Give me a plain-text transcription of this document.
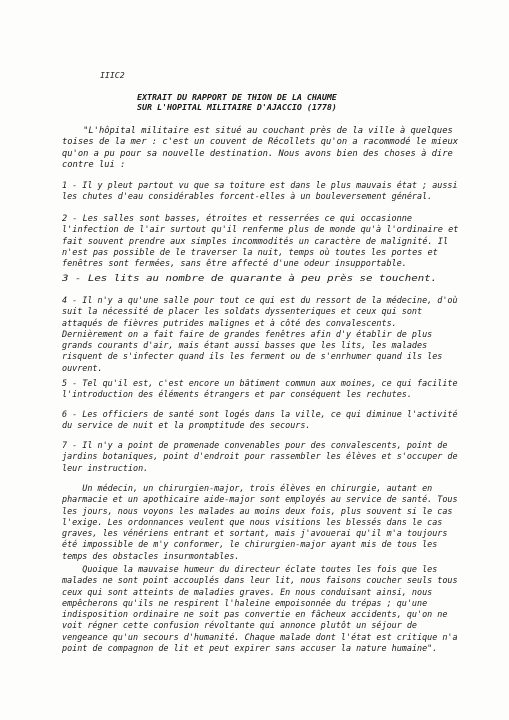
IIIC2
EXTRAIT DU RAPPORT DE THION DE LA CHAUME
SUR L'HOPITAL MILITAIRE D'AJACCIO (1778)
"L'hôpital militaire est situé au couchant près de la ville à quelques
toises de la mer : c'est un couvent de Récollets qu'on a racommodé le mieux
qu'on a pu pour sa nouvelle destination. Nous avons bien des choses à dire
contre lui :
1 - Il y pleut partout vu que sa toiture est dans le plus mauvais état ; aussi
les chutes d'eau considérables forcent-elles à un bouleversement général.
2 - Les salles sont basses, étroites et resserrées ce qui occasionne
l'infection de l'air surtout qu'il renferme plus de monde qu'à l'ordinaire et
fait souvent prendre aux simples incommodités un caractère de malignité. Il
n'est pas possible de le traverser la nuit, temps où toutes les portes et
fenêtres sont fermées, sans être affecté d'une odeur insupportable.
3 - Les lits au nombre de quarante à peu près se touchent.
4 - Il n'y a qu'une salle pour tout ce qui est du ressort de la médecine, d'où
suit la nécessité de placer les soldats dyssenteriques et ceux qui sont
attaqués de fièvres putrides malignes et à côté des convalescents.
Dernièrement on a fait faire de grandes fenêtres afin d'y établir de plus
grands courants d'air, mais étant aussi basses que les lits, les malades
risquent de s'infecter quand ils les ferment ou de s'enrhumer quand ils les
ouvrent.
5 - Tel qu'il est, c'est encore un bâtiment commun aux moines, ce qui facilite
l'introduction des éléments étrangers et par conséquent les rechutes.
6 - Les officiers de santé sont logés dans la ville, ce qui diminue l'activité
du service de nuit et la promptitude des secours.
7 - Il n'y a point de promenade convenables pour des convalescents, point de
jardins botaniques, point d'endroit pour rassembler les élèves et s'occuper de
leur instruction.
Un médecin, un chirurgien-major, trois élèves en chirurgie, autant en
pharmacie et un apothicaire aide-major sont employés au service de santé. Tous
les jours, nous voyons les malades au moins deux fois, plus souvent si le cas
l'exige. Les ordonnances veulent que nous visitions les blessés dans le cas
graves, les vénériens entrant et sortant, mais j'avouerai qu'il m'a toujours
été impossible de m'y conformer, le chirurgien-major ayant mis de tous les
temps des obstacles insurmontables.
Quoique la mauvaise humeur du directeur éclate toutes les fois que les
malades ne sont point accouplés dans leur lit, nous faisons coucher seuls tous
ceux qui sont atteints de maladies graves. En nous conduisant ainsi, nous
empêcherons qu'ils ne respirent l'haleine empoisonnée du trépas ; qu'une
indisposition ordinaire ne soit pas convertie en fâcheux accidents, qu'on ne
voit régner cette confusion révoltante qui annonce plutôt un séjour de
vengeance qu'un secours d'humanité. Chaque malade dont l'état est critique n'a
point de compagnon de lit et peut expirer sans accuser la nature humaine".
